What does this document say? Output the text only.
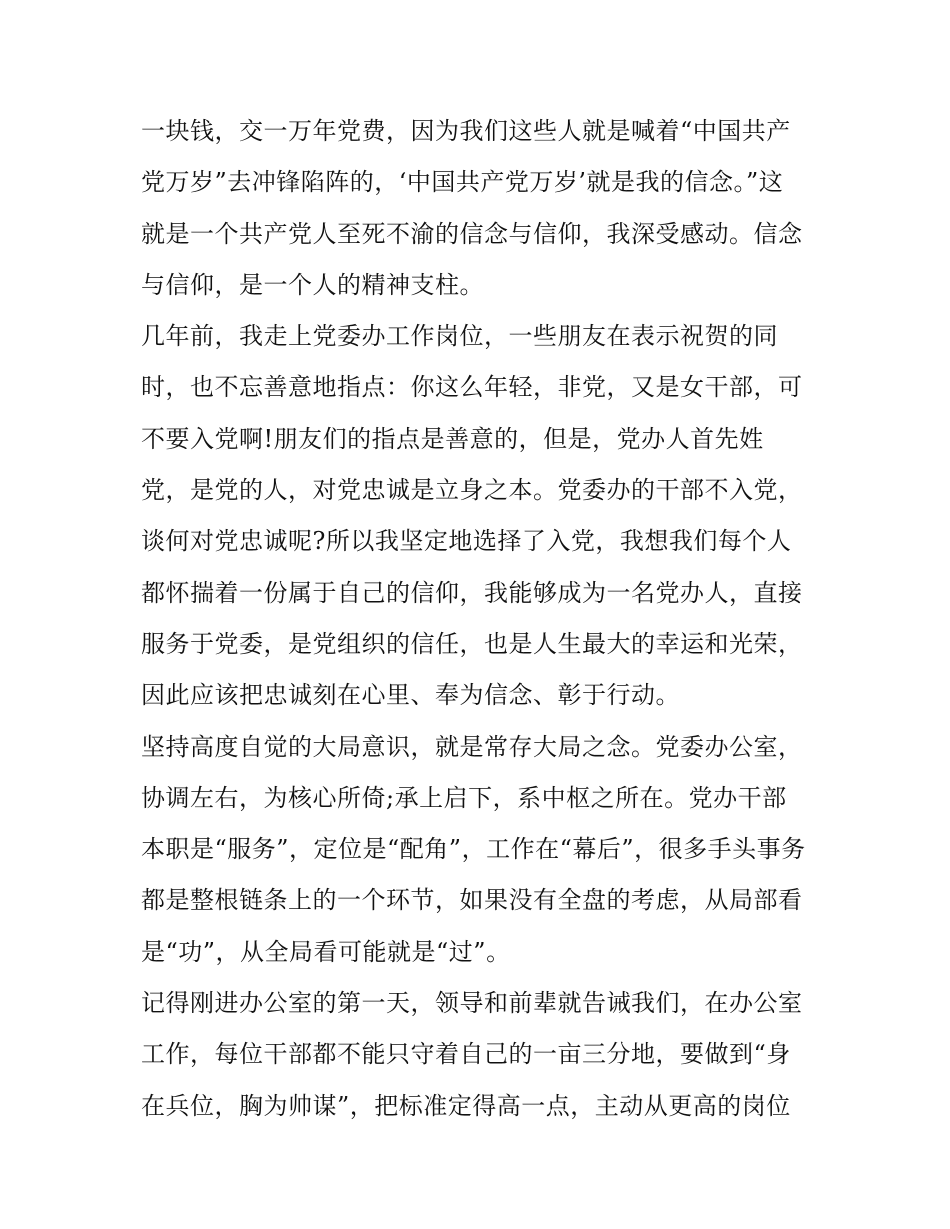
一块钱，交一万年党费，因为我们这些人就是喊着“中国共产
党万岁”去冲锋陷阵的，‘中国共产党万岁’就是我的信念。”这
就是一个共产党人至死不渝的信念与信仰，我深受感动。信念
与信仰，是一个人的精神支柱。
几年前，我走上党委办工作岗位，一些朋友在表示祝贺的同
时，也不忘善意地指点：你这么年轻，非党，又是女干部，可
不要入党啊!朋友们的指点是善意的，但是，党办人首先姓
党，是党的人，对党忠诚是立身之本。党委办的干部不入党，
谈何对党忠诚呢?所以我坚定地选择了入党，我想我们每个人
都怀揣着一份属于自己的信仰，我能够成为一名党办人，直接
服务于党委，是党组织的信任，也是人生最大的幸运和光荣，
因此应该把忠诚刻在心里、奉为信念、彰于行动。
坚持高度自觉的大局意识，就是常存大局之念。党委办公室，
协调左右，为核心所倚;承上启下，系中枢之所在。党办干部
本职是“服务”，定位是“配角”，工作在“幕后”，很多手头事务
都是整根链条上的一个环节，如果没有全盘的考虑，从局部看
是“功”，从全局看可能就是“过”。
记得刚进办公室的第一天，领导和前辈就告诫我们，在办公室
工作，每位干部都不能只守着自己的一亩三分地，要做到“身
在兵位，胸为帅谋”，把标准定得高一点，主动从更高的岗位
